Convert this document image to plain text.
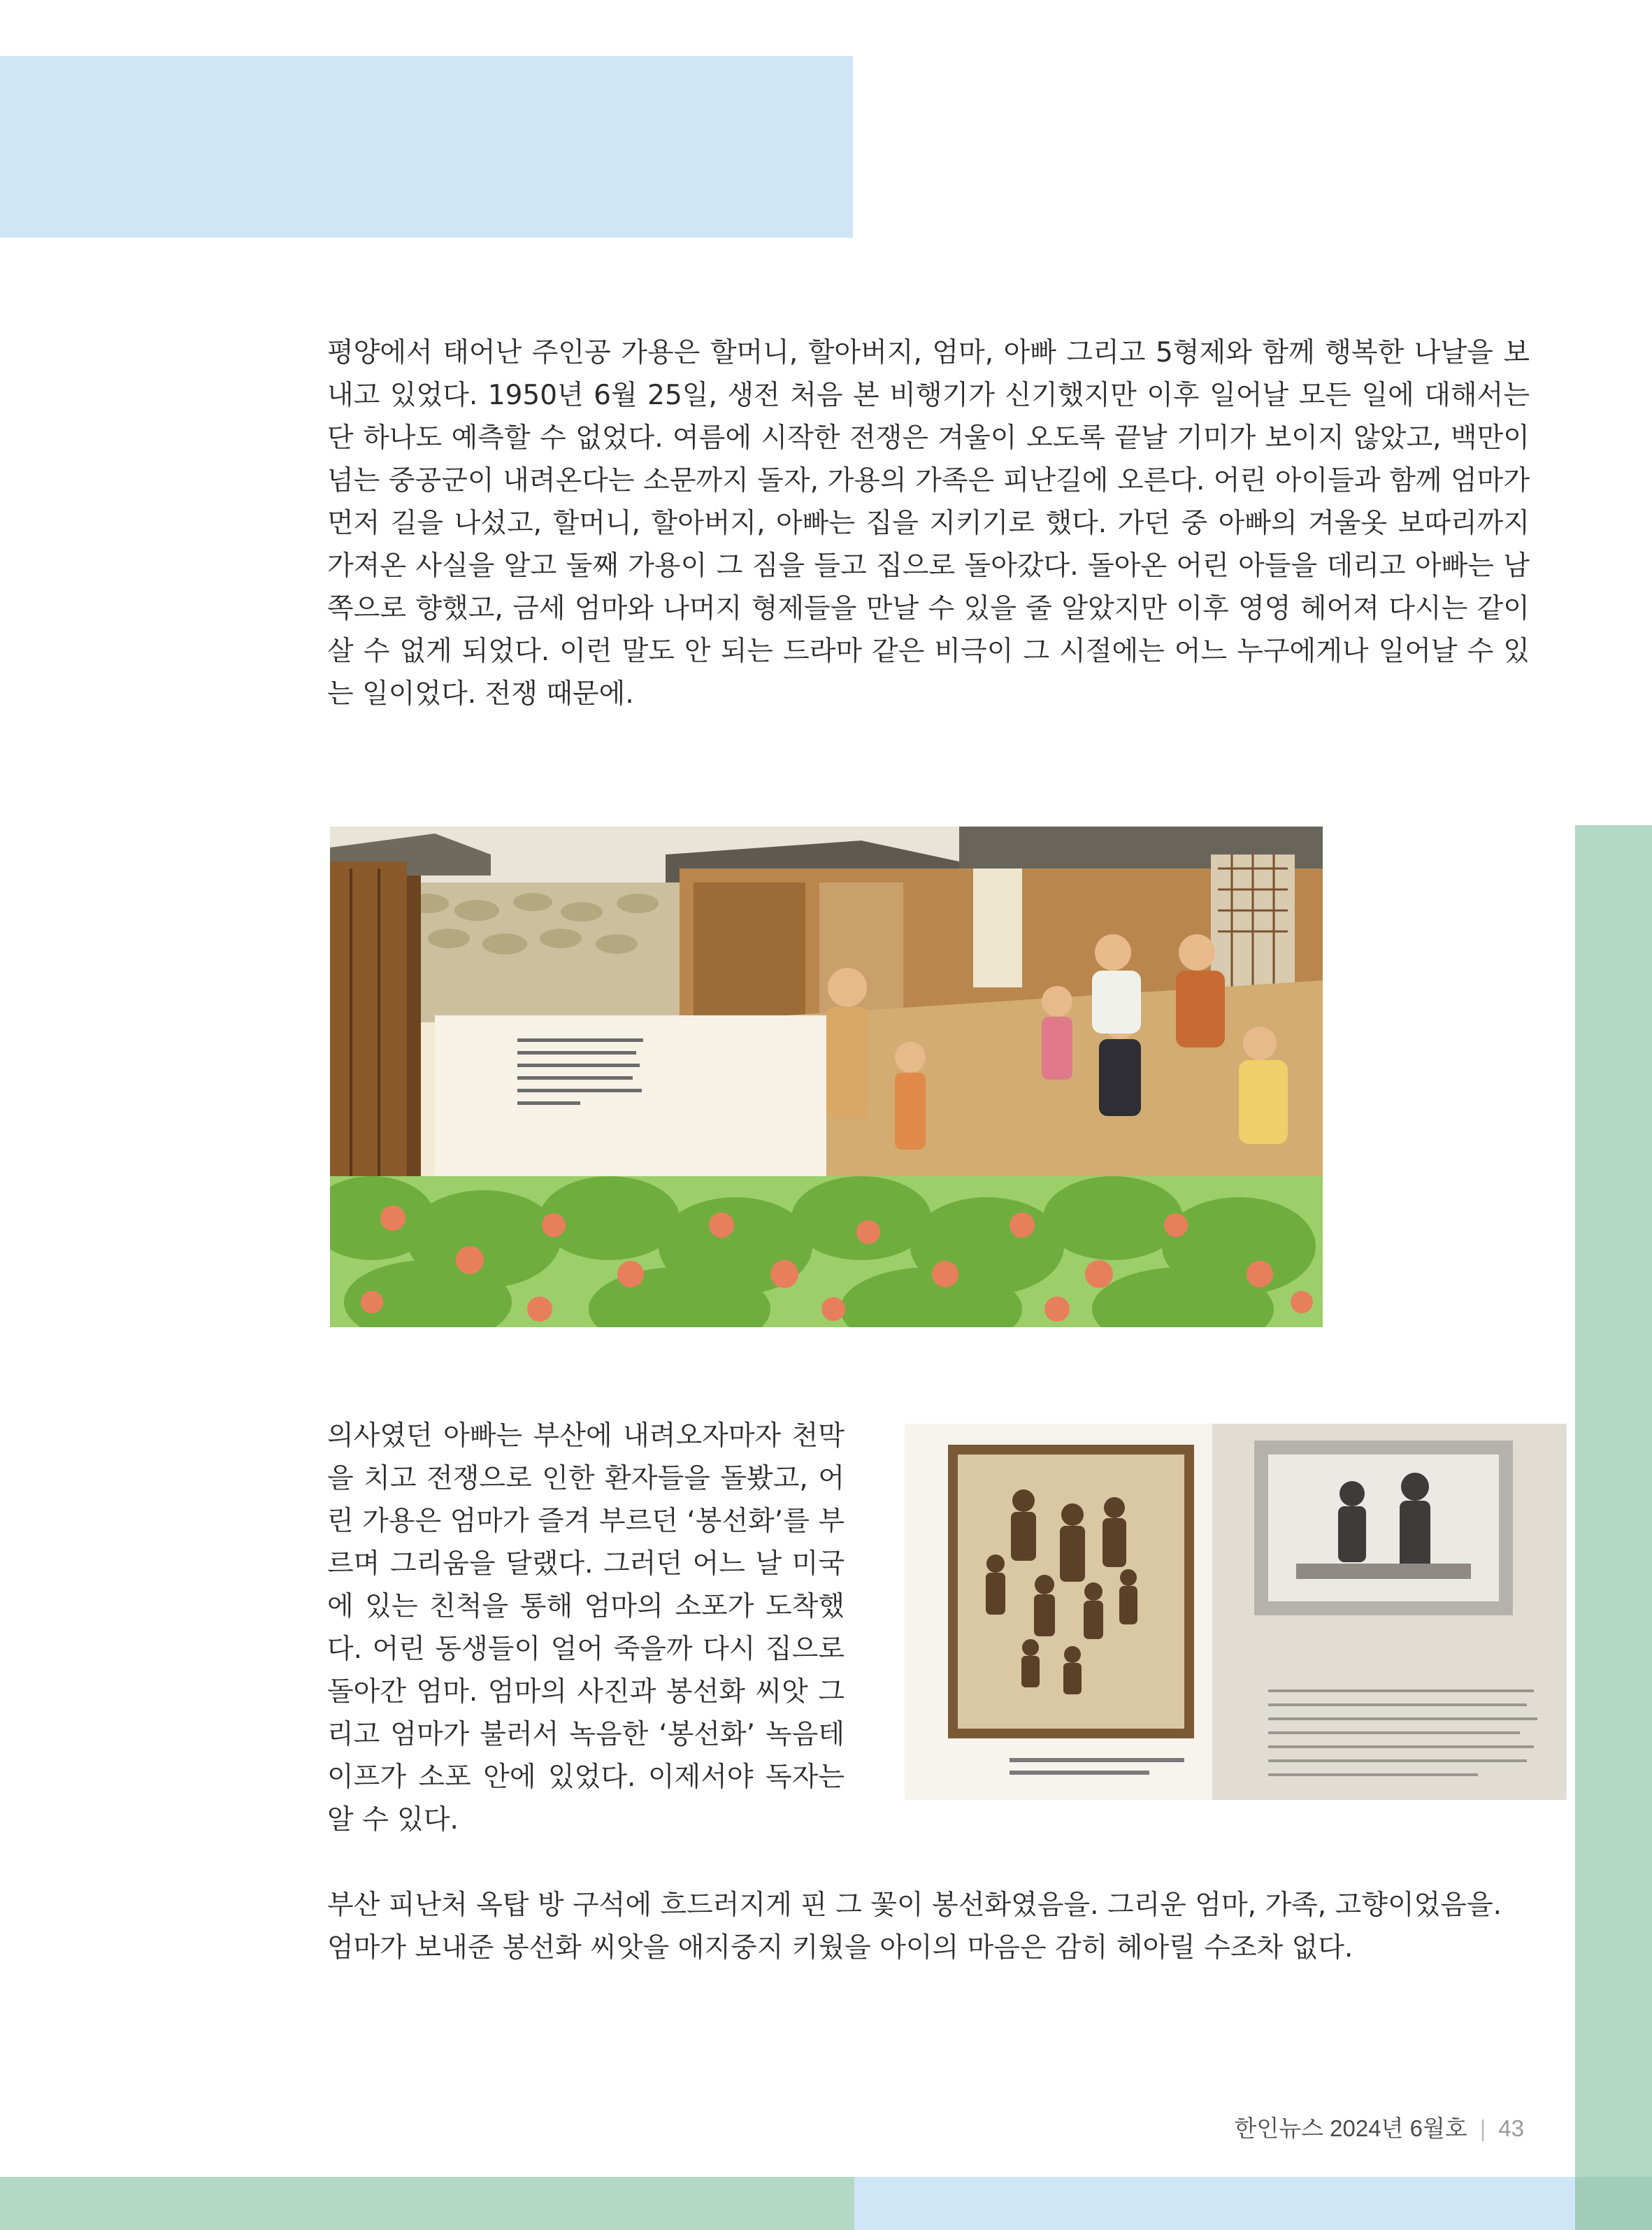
평양에서 태어난 주인공 가용은 할머니, 할아버지, 엄마, 아빠 그리고 5형제와 함께 행복한 나날을 보내고 있었다. 1950년 6월 25일, 생전 처음 본 비행기가 신기했지만 이후 일어날 모든 일에 대해서는 단 하나도 예측할 수 없었다. 여름에 시작한 전쟁은 겨울이 오도록 끝날 기미가 보이지 않았고, 백만이 넘는 중공군이 내려온다는 소문까지 돌자, 가용의 가족은 피난길에 오른다. 어린 아이들과 함께 엄마가 먼저 길을 나섰고, 할머니, 할아버지, 아빠는 집을 지키기로 했다. 가던 중 아빠의 겨울옷 보따리까지 가져온 사실을 알고 둘째 가용이 그 짐을 들고 집으로 돌아갔다. 돌아온 어린 아들을 데리고 아빠는 남쪽으로 향했고, 금세 엄마와 나머지 형제들을 만날 수 있을 줄 알았지만 이후 영영 헤어져 다시는 같이 살 수 없게 되었다. 이런 말도 안 되는 드라마 같은 비극이 그 시절에는 어느 누구에게나 일어날 수 있는 일이었다. 전쟁 때문에.

의사였던 아빠는 부산에 내려오자마자 천막을 치고 전쟁으로 인한 환자들을 돌봤고, 어린 가용은 엄마가 즐겨 부르던 ‘봉선화’를 부르며 그리움을 달랬다. 그러던 어느 날 미국에 있는 친척을 통해 엄마의 소포가 도착했다. 어린 동생들이 얼어 죽을까 다시 집으로 돌아간 엄마. 엄마의 사진과 봉선화 씨앗 그리고 엄마가 불러서 녹음한 ‘봉선화’ 녹음테이프가 소포 안에 있었다. 이제서야 독자는 알 수 있다.

부산 피난처 옥탑 방 구석에 흐드러지게 핀 그 꽃이 봉선화였음을. 그리운 엄마, 가족, 고향이었음을. 엄마가 보내준 봉선화 씨앗을 애지중지 키웠을 아이의 마음은 감히 헤아릴 수조차 없다.

한인뉴스 2024년 6월호 | 43
